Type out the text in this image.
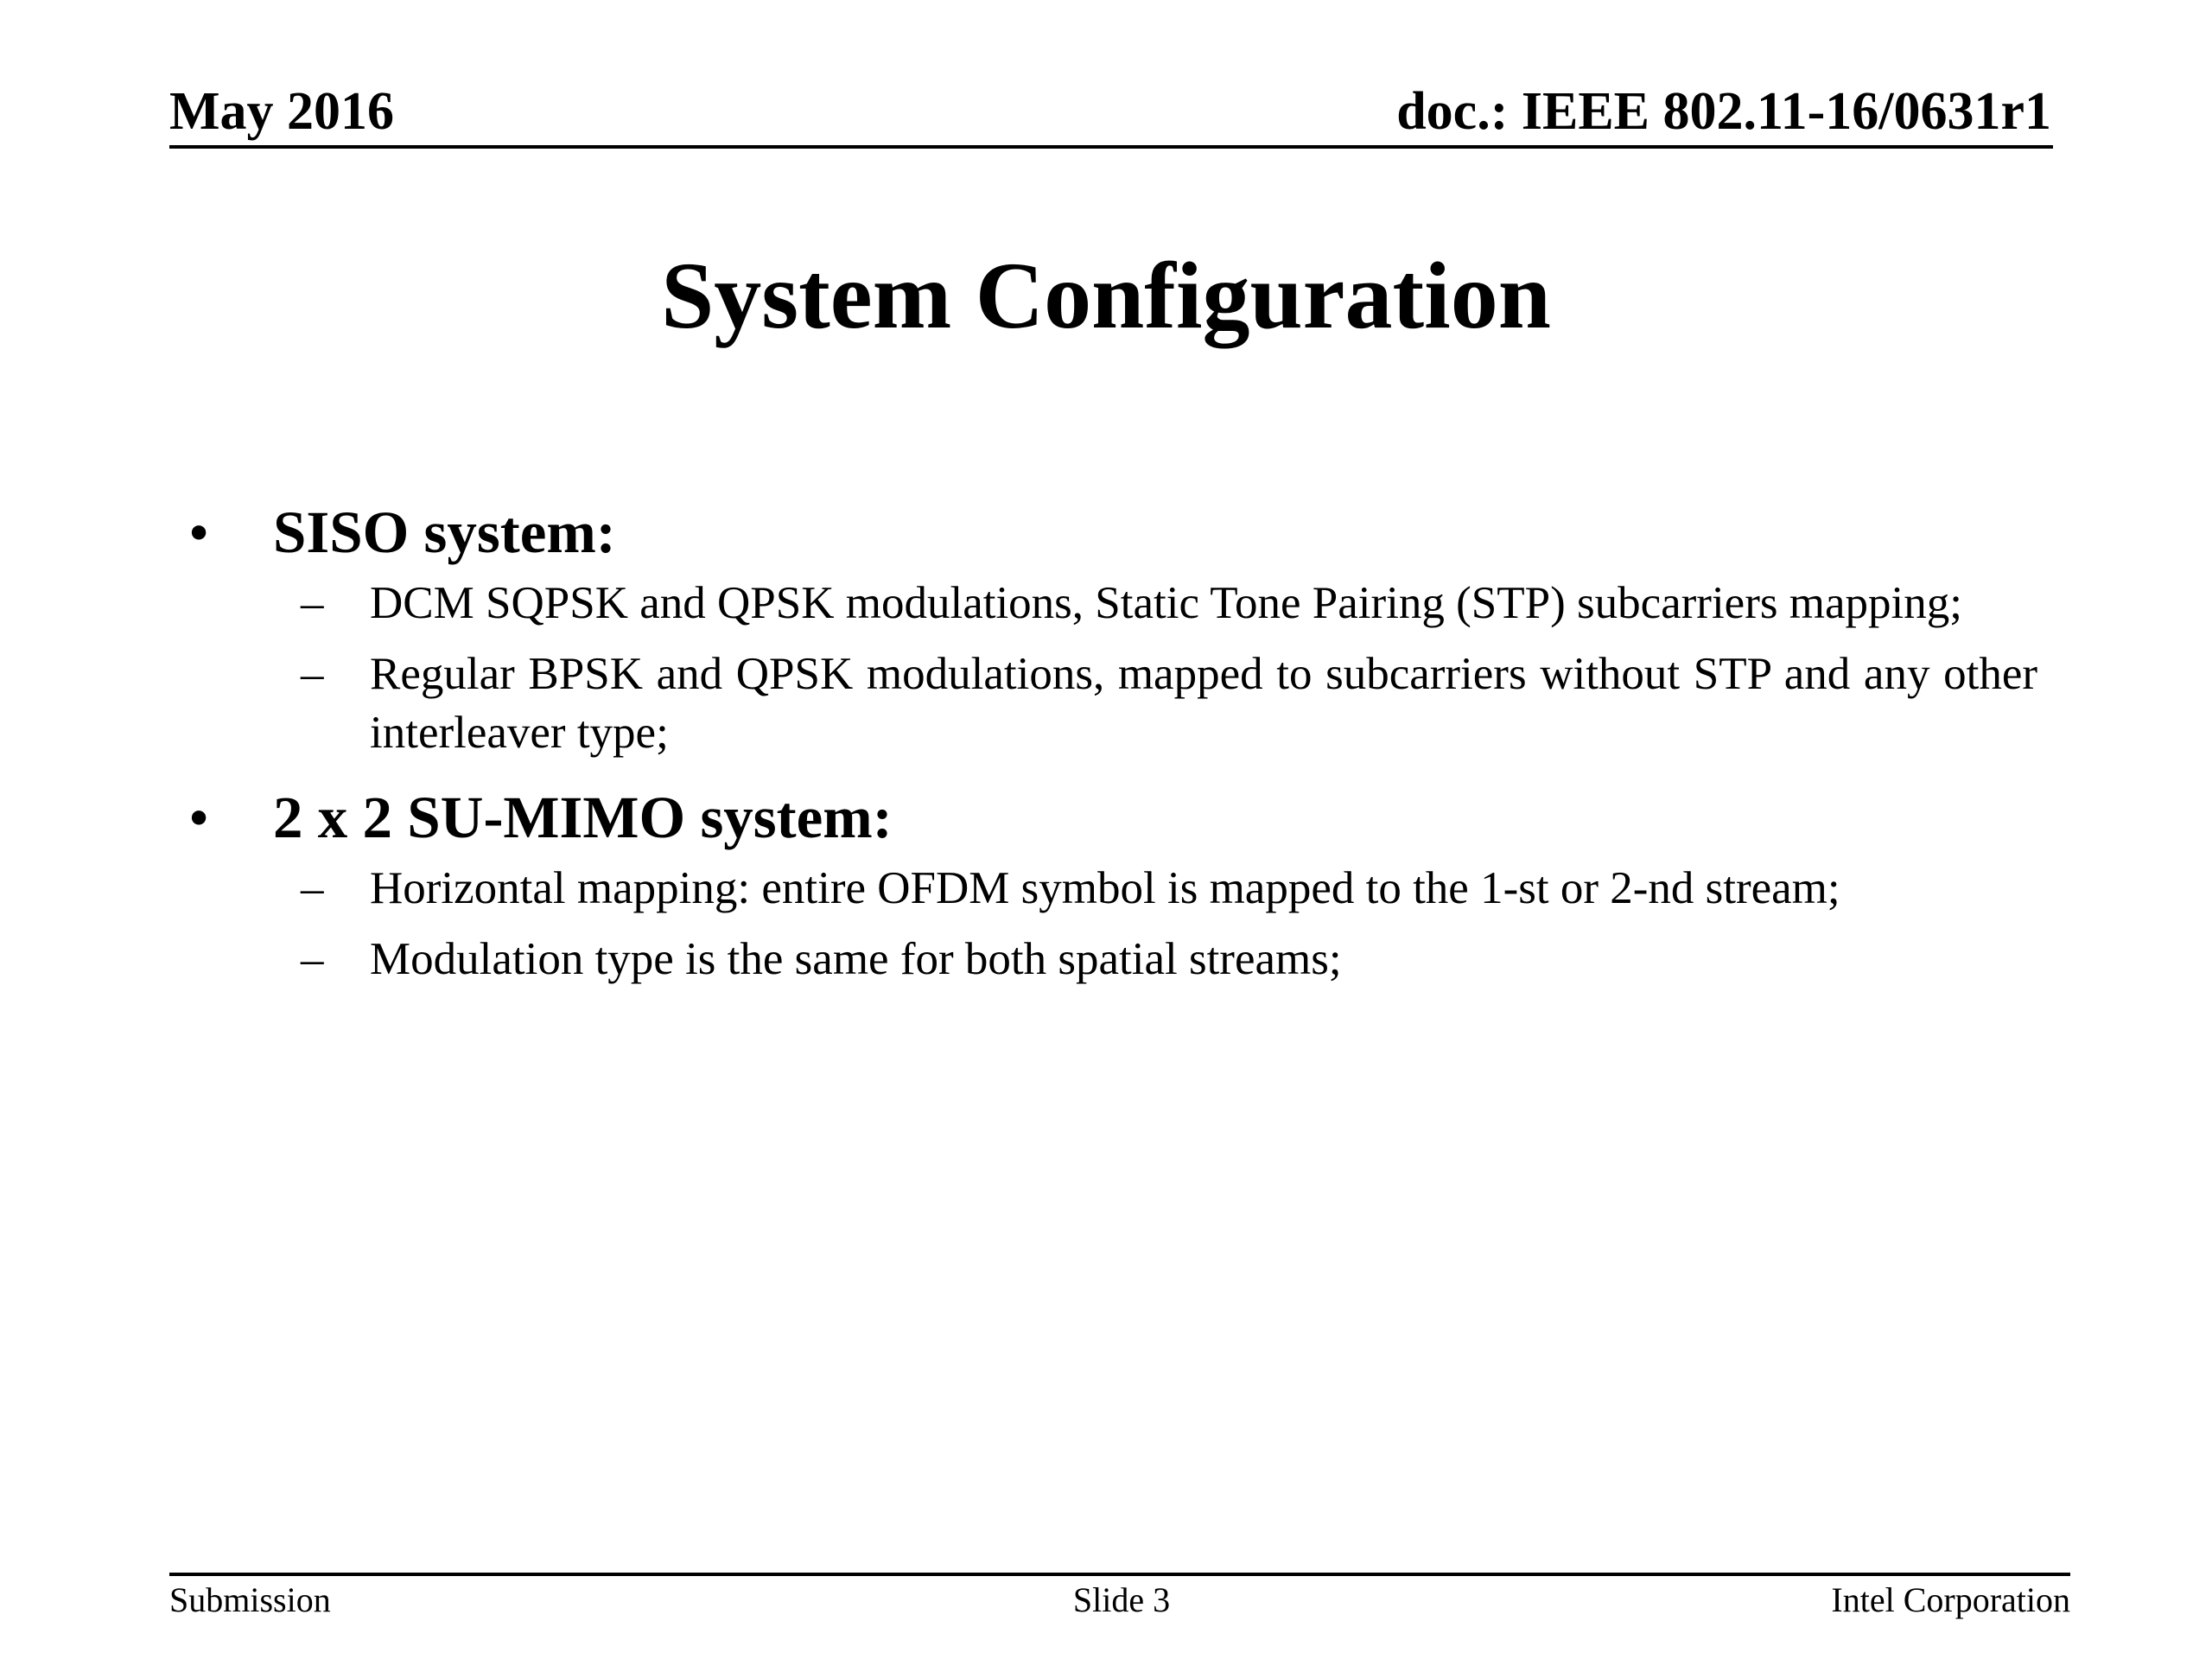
May 2016	doc.: IEEE 802.11-16/0631r1
System Configuration
• SISO system:
– DCM SQPSK and QPSK modulations, Static Tone Pairing (STP) subcarriers mapping;
– Regular BPSK and QPSK modulations, mapped to subcarriers without STP and any other interleaver type;
• 2 x 2 SU-MIMO system:
– Horizontal mapping: entire OFDM symbol is mapped to the 1-st or 2-nd stream;
– Modulation type is the same for both spatial streams;
Submission	Slide 3	Intel Corporation
